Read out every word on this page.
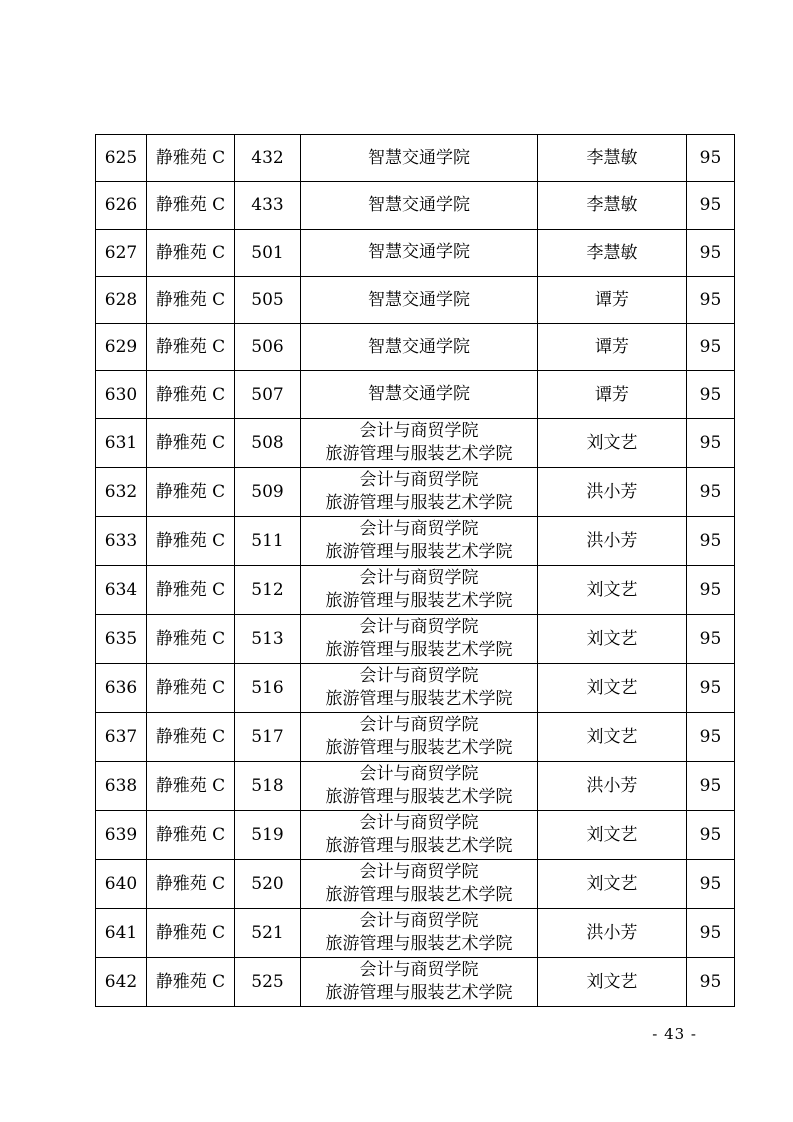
625	静雅苑 C	432	智慧交通学院	李慧敏	95
626	静雅苑 C	433	智慧交通学院	李慧敏	95
627	静雅苑 C	501	智慧交通学院	李慧敏	95
628	静雅苑 C	505	智慧交通学院	谭芳	95
629	静雅苑 C	506	智慧交通学院	谭芳	95
630	静雅苑 C	507	智慧交通学院	谭芳	95
631	静雅苑 C	508	会计与商贸学院
旅游管理与服装艺术学院	刘文艺	95
632	静雅苑 C	509	会计与商贸学院
旅游管理与服装艺术学院	洪小芳	95
633	静雅苑 C	511	会计与商贸学院
旅游管理与服装艺术学院	洪小芳	95
634	静雅苑 C	512	会计与商贸学院
旅游管理与服装艺术学院	刘文艺	95
635	静雅苑 C	513	会计与商贸学院
旅游管理与服装艺术学院	刘文艺	95
636	静雅苑 C	516	会计与商贸学院
旅游管理与服装艺术学院	刘文艺	95
637	静雅苑 C	517	会计与商贸学院
旅游管理与服装艺术学院	刘文艺	95
638	静雅苑 C	518	会计与商贸学院
旅游管理与服装艺术学院	洪小芳	95
639	静雅苑 C	519	会计与商贸学院
旅游管理与服装艺术学院	刘文艺	95
640	静雅苑 C	520	会计与商贸学院
旅游管理与服装艺术学院	刘文艺	95
641	静雅苑 C	521	会计与商贸学院
旅游管理与服装艺术学院	洪小芳	95
642	静雅苑 C	525	会计与商贸学院
旅游管理与服装艺术学院	刘文艺	95
- 43 -
